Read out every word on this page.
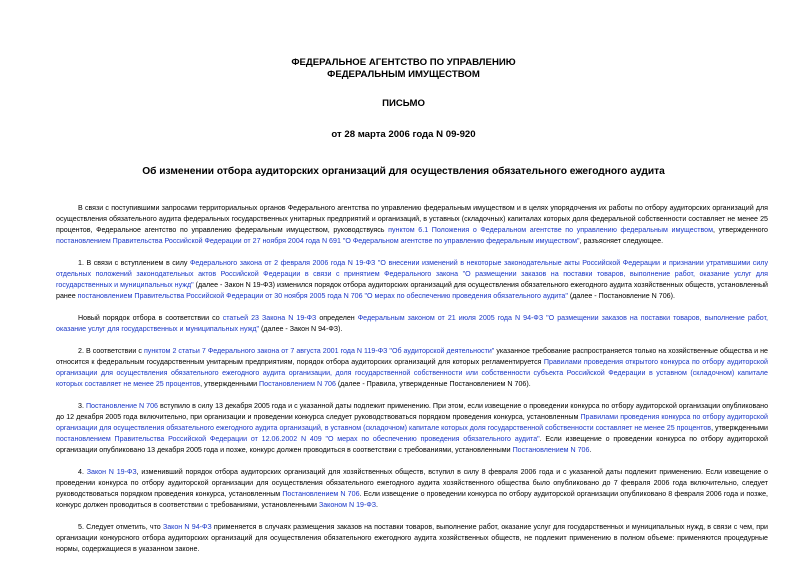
ФЕДЕРАЛЬНОЕ АГЕНТСТВО ПО УПРАВЛЕНИЮ
ФЕДЕРАЛЬНЫМ ИМУЩЕСТВОМ
ПИСЬМО
от 28 марта 2006 года N 09-920
Об изменении отбора аудиторских организаций для осуществления обязательного ежегодного аудита

В связи с поступившими запросами территориальных органов Федерального агентства по управлению федеральным имуществом и в целях упорядочения их работы по отбору аудиторских организаций для осуществления обязательного аудита федеральных государственных унитарных предприятий и организаций, в уставных (складочных) капиталах которых доля федеральной собственности составляет не менее 25 процентов, Федеральное агентство по управлению федеральным имуществом, руководствуясь пунктом 6.1 Положения о Федеральном агентстве по управлению федеральным имуществом, утвержденного постановлением Правительства Российской Федерации от 27 ноября 2004 года N 691 "О Федеральном агентстве по управлению федеральным имуществом", разъясняет следующее.

1. В связи с вступлением в силу Федерального закона от 2 февраля 2006 года N 19-ФЗ "О внесении изменений в некоторые законодательные акты Российской Федерации и признании утратившими силу отдельных положений законодательных актов Российской Федерации в связи с принятием Федерального закона "О размещении заказов на поставки товаров, выполнение работ, оказание услуг для государственных и муниципальных нужд" (далее - Закон N 19-ФЗ) изменился порядок отбора аудиторских организаций для осуществления обязательного ежегодного аудита хозяйственных обществ, установленный ранее постановлением Правительства Российской Федерации от 30 ноября 2005 года N 706 "О мерах по обеспечению проведения обязательного аудита" (далее - Постановление N 706).

Новый порядок отбора в соответствии со статьей 23 Закона N 19-ФЗ определен Федеральным законом от 21 июля 2005 года N 94-ФЗ "О размещении заказов на поставки товаров, выполнение работ, оказание услуг для государственных и муниципальных нужд" (далее - Закон N 94-ФЗ).

2. В соответствии с пунктом 2 статьи 7 Федерального закона от 7 августа 2001 года N 119-ФЗ "Об аудиторской деятельности" указанное требование распространяется только на хозяйственные общества и не относится к федеральным государственным унитарным предприятиям, порядок отбора аудиторских организаций для которых регламентируется Правилами проведения открытого конкурса по отбору аудиторской организации для осуществления обязательного ежегодного аудита организации, доля государственной собственности или собственности субъекта Российской Федерации в уставном (складочном) капитале которых составляет не менее 25 процентов, утвержденными Постановлением N 706 (далее - Правила, утвержденные Постановлением N 706).

3. Постановление N 706 вступило в силу 13 декабря 2005 года и с указанной даты подлежит применению. При этом, если извещение о проведении конкурса по отбору аудиторской организации опубликовано до 12 декабря 2005 года включительно, при организации и проведении конкурса следует руководствоваться порядком проведения конкурса, установленным Правилами проведения конкурса по отбору аудиторской организации для осуществления обязательного ежегодного аудита организаций, в уставном (складочном) капитале которых доля государственной собственности составляет не менее 25 процентов, утвержденными постановлением Правительства Российской Федерации от 12.06.2002 N 409 "О мерах по обеспечению проведения обязательного аудита". Если извещение о проведении конкурса по отбору аудиторской организации опубликовано 13 декабря 2005 года и позже, конкурс должен проводиться в соответствии с требованиями, установленными Постановлением N 706.

4. Закон N 19-ФЗ, изменивший порядок отбора аудиторских организаций для хозяйственных обществ, вступил в силу 8 февраля 2006 года и с указанной даты подлежит применению. Если извещение о проведении конкурса по отбору аудиторской организации для осуществления обязательного ежегодного аудита хозяйственного общества было опубликовано до 7 февраля 2006 года включительно, следует руководствоваться порядком проведения конкурса, установленным Постановлением N 706. Если извещение о проведении конкурса по отбору аудиторской организации опубликовано 8 февраля 2006 года и позже, конкурс должен проводиться в соответствии с требованиями, установленными Законом N 19-ФЗ.

5. Следует отметить, что Закон N 94-ФЗ применяется в случаях размещения заказов на поставки товаров, выполнение работ, оказание услуг для государственных и муниципальных нужд, в связи с чем, при организации конкурсного отбора аудиторских организаций для осуществления обязательного ежегодного аудита хозяйственных обществ, не подлежит применению в полном объеме: применяются процедурные нормы, содержащиеся в указанном законе.
